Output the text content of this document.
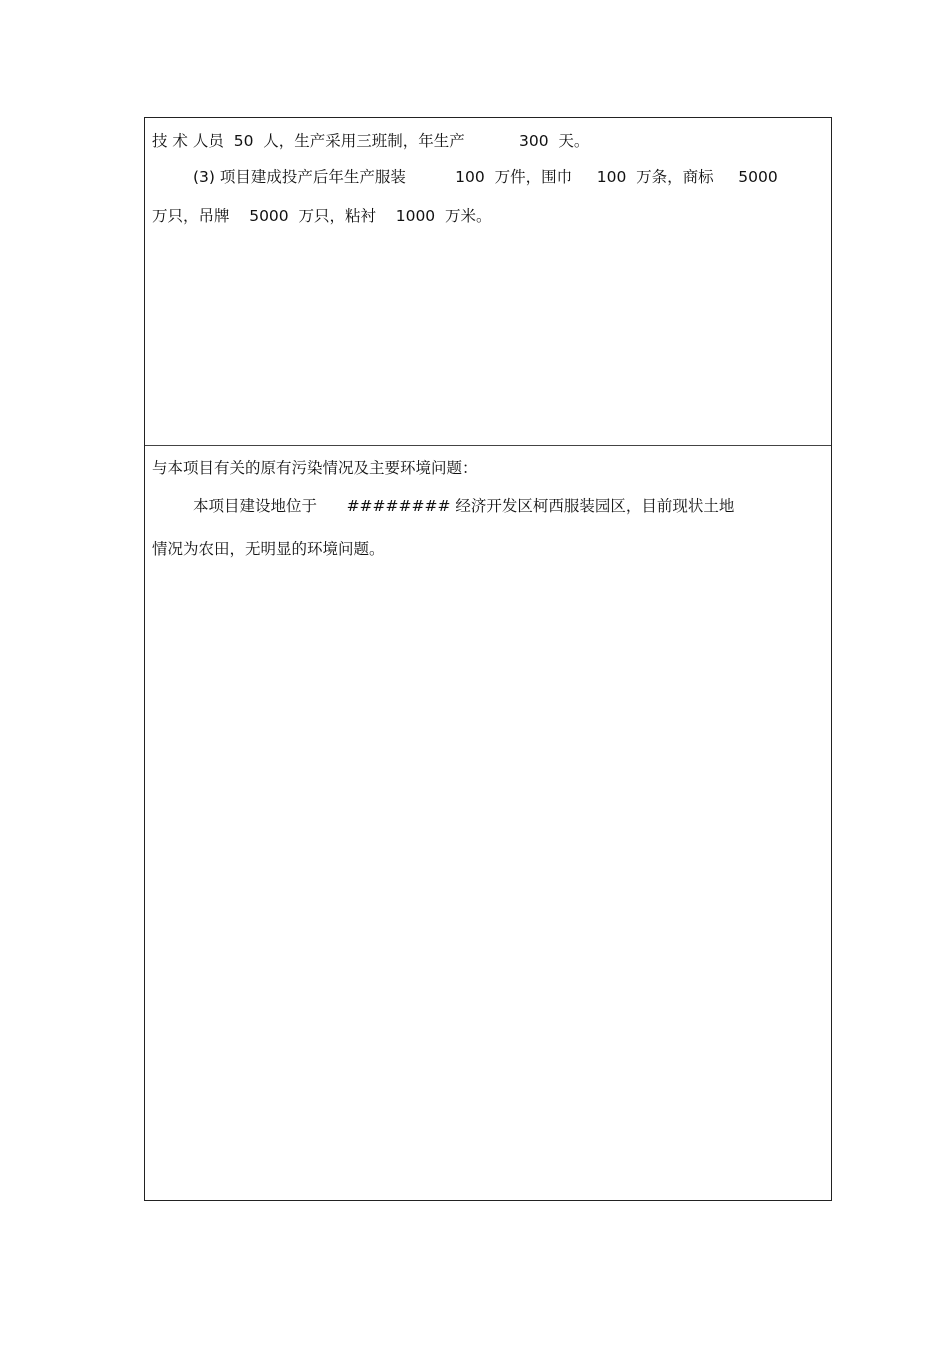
技 术 人员  50  人，生产采用三班制，年生产           300  天。
(3) 项目建成投产后年生产服装          100  万件，围巾     100  万条，商标     5000
万只，吊牌    5000  万只，粘衬    1000  万米。
与本项目有关的原有污染情况及主要环境问题：
本项目建设地位于      ######## 经济开发区柯西服装园区，目前现状土地
情况为农田，无明显的环境问题。
